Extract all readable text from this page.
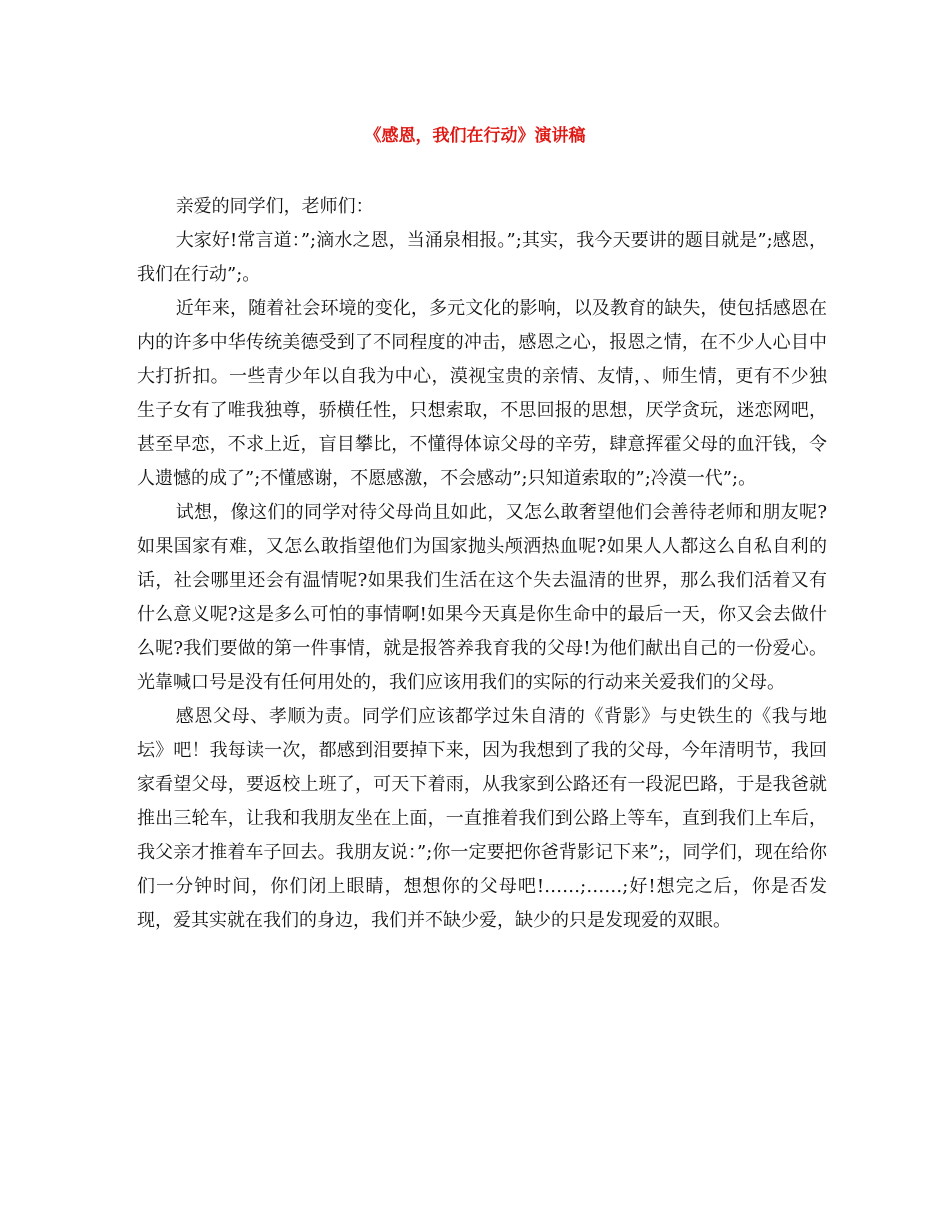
《感恩，我们在行动》演讲稿

亲爱的同学们，老师们：

大家好!常言道：”;滴水之恩，当涌泉相报。”;其实，我今天要讲的题目就是”;感恩，我们在行动”;。

近年来，随着社会环境的变化，多元文化的影响，以及教育的缺失，使包括感恩在内的许多中华传统美德受到了不同程度的冲击，感恩之心，报恩之情，在不少人心目中大打折扣。一些青少年以自我为中心，漠视宝贵的亲情、友情，、师生情，更有不少独生子女有了唯我独尊，骄横任性，只想索取，不思回报的思想，厌学贪玩，迷恋网吧，甚至早恋，不求上近，盲目攀比，不懂得体谅父母的辛劳，肆意挥霍父母的血汗钱，令人遗憾的成了”;不懂感谢，不愿感激，不会感动”;只知道索取的”;冷漠一代”;。

试想，像这们的同学对待父母尚且如此，又怎么敢奢望他们会善待老师和朋友呢?如果国家有难，又怎么敢指望他们为国家抛头颅洒热血呢?如果人人都这么自私自利的话，社会哪里还会有温情呢?如果我们生活在这个失去温清的世界，那么我们活着又有什么意义呢?这是多么可怕的事情啊!如果今天真是你生命中的最后一天，你又会去做什么呢?我们要做的第一件事情，就是报答养我育我的父母!为他们献出自己的一份爱心。光靠喊口号是没有任何用处的，我们应该用我们的实际的行动来关爱我们的父母。

感恩父母、孝顺为责。同学们应该都学过朱自清的《背影》与史铁生的《我与地坛》吧！我每读一次，都感到泪要掉下来，因为我想到了我的父母，今年清明节，我回家看望父母，要返校上班了，可天下着雨，从我家到公路还有一段泥巴路，于是我爸就推出三轮车，让我和我朋友坐在上面，一直推着我们到公路上等车，直到我们上车后，我父亲才推着车子回去。我朋友说：”;你一定要把你爸背影记下来”;，同学们，现在给你们一分钟时间，你们闭上眼睛，想想你的父母吧!……;……;好!想完之后，你是否发现，爱其实就在我们的身边，我们并不缺少爱，缺少的只是发现爱的双眼。
